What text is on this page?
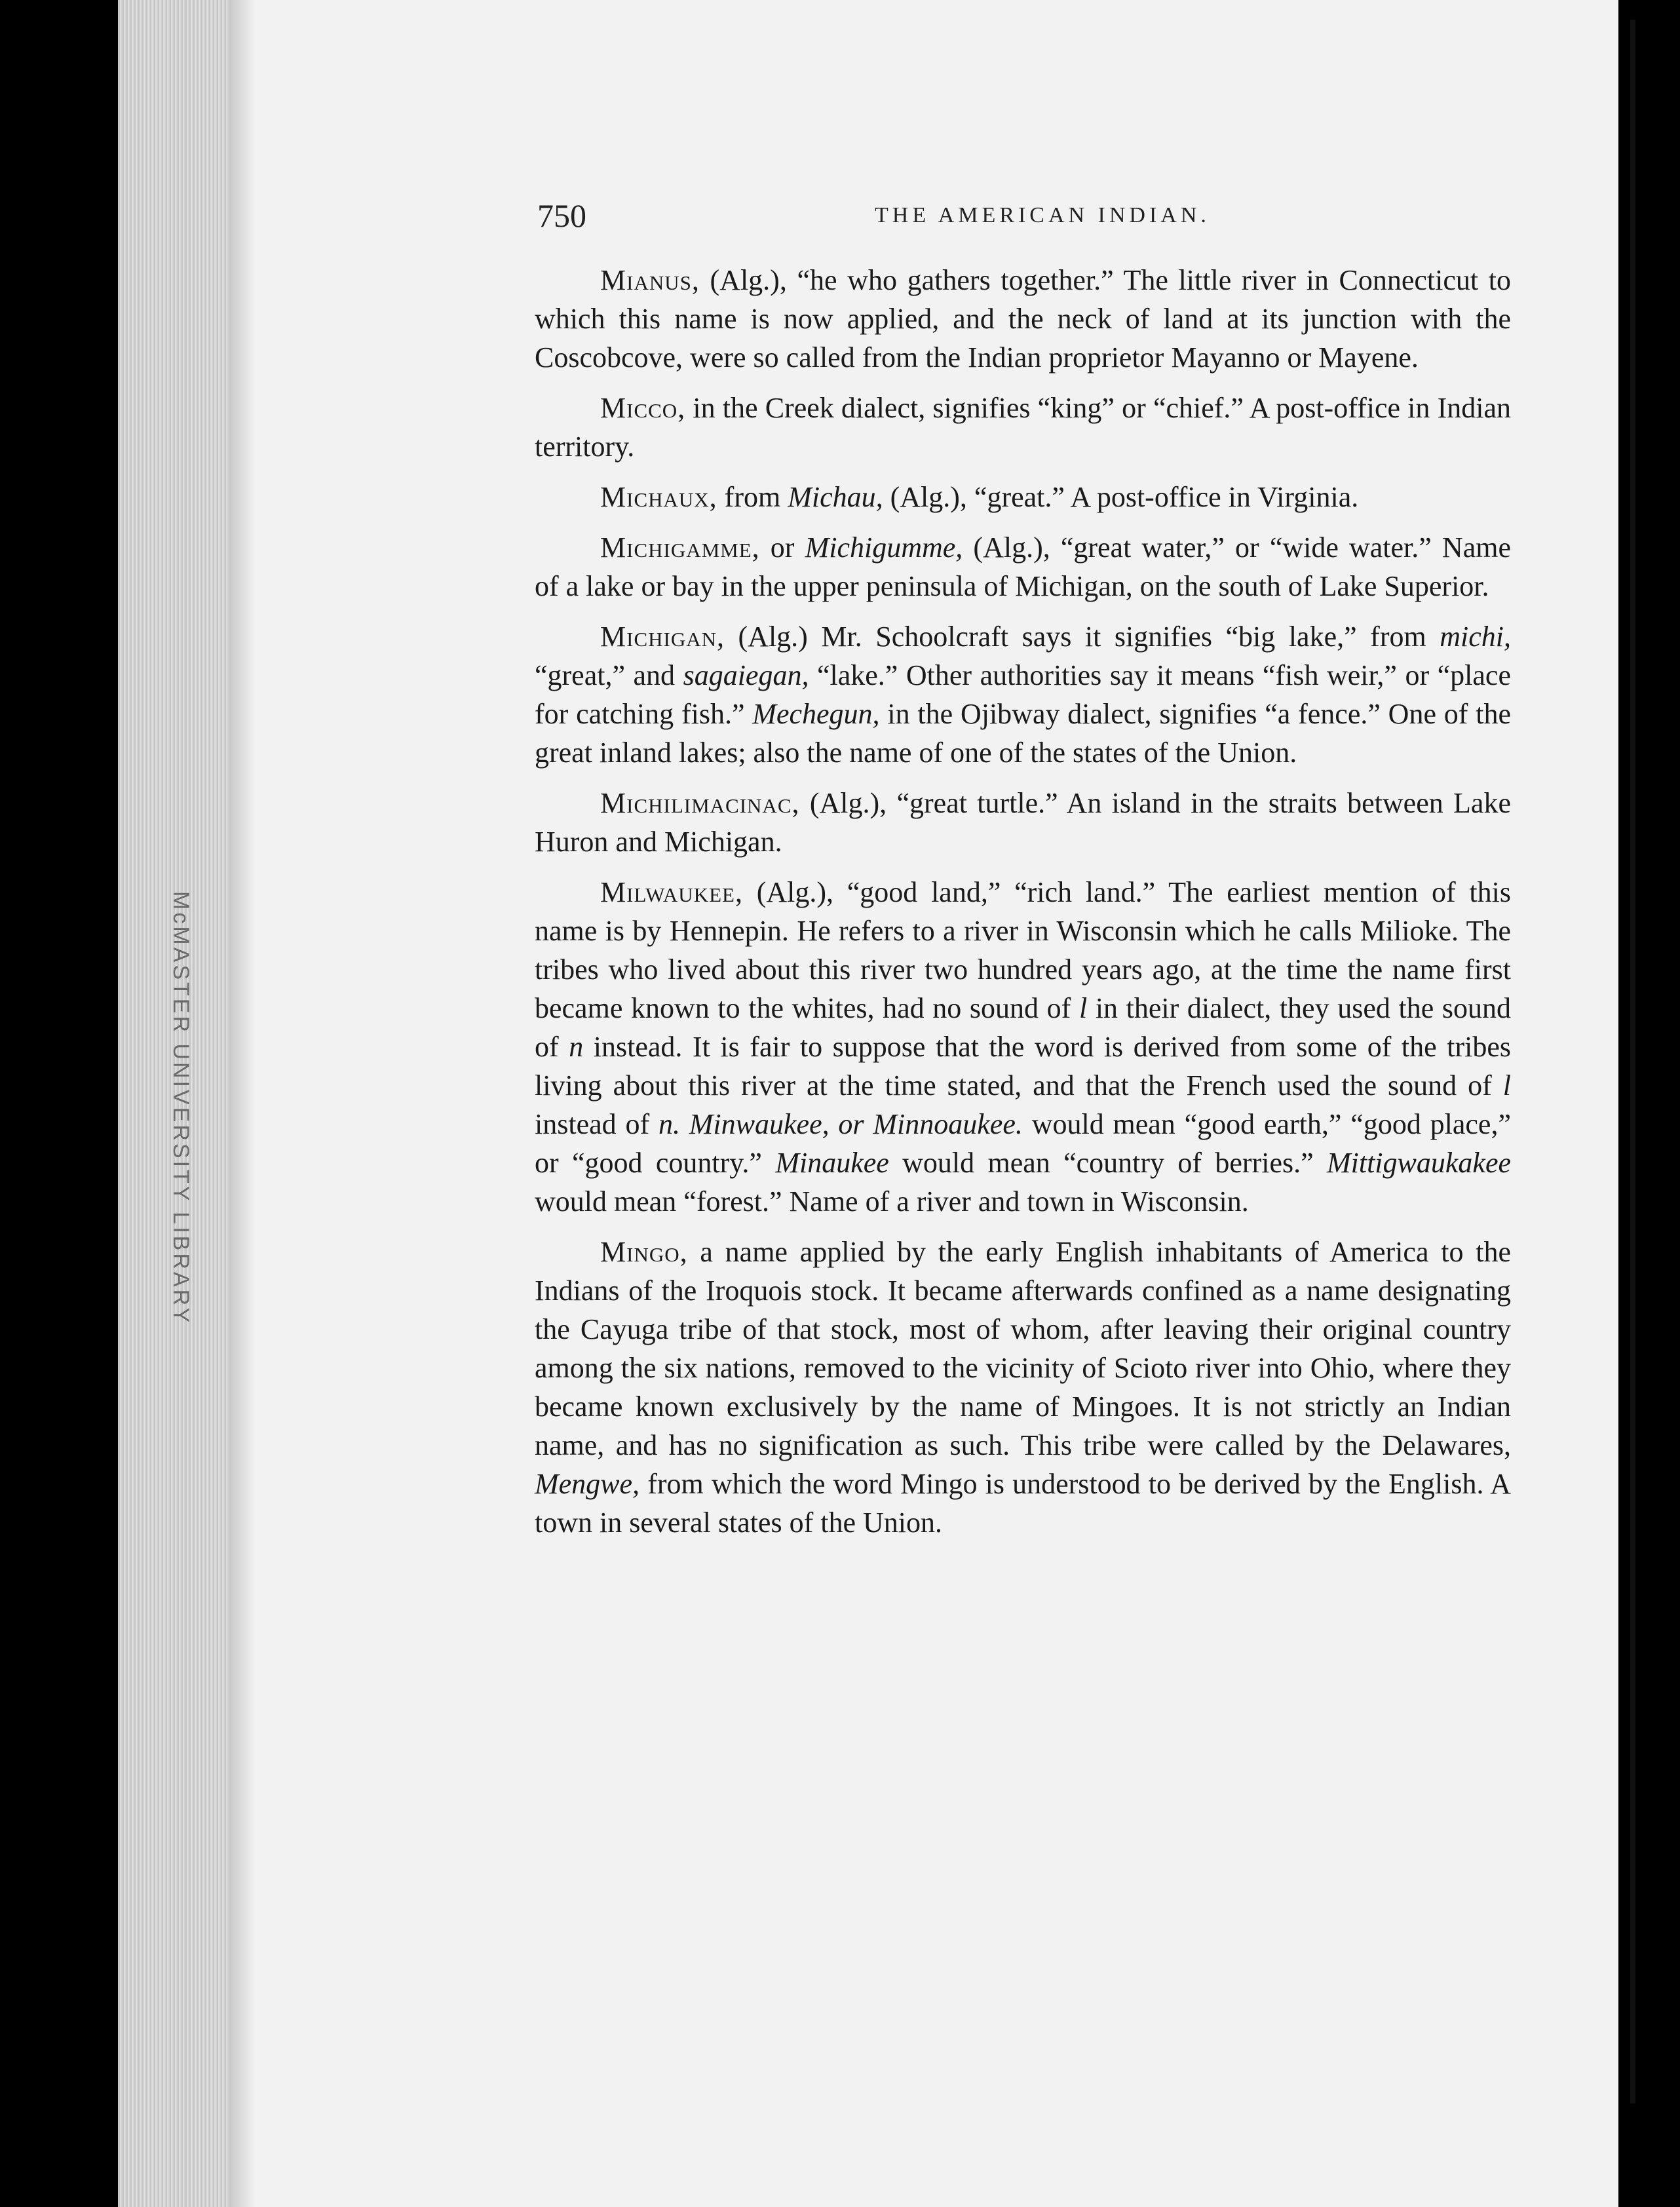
McMASTER UNIVERSITY LIBRARY
750	THE AMERICAN INDIAN.

Mianus, (Alg.), “he who gathers together.” The little river in Connecticut to which this name is now applied, and the neck of land at its junction with the Coscobcove, were so called from the Indian proprietor Mayanno or Mayene.

Micco, in the Creek dialect, signifies “king” or “chief.” A post-office in Indian territory.

Michaux, from Michau, (Alg.), “great.” A post-office in Virginia.

Michigamme, or Michigumme, (Alg.), “great water,” or “wide water.” Name of a lake or bay in the upper peninsula of Michigan, on the south of Lake Superior.

Michigan, (Alg.) Mr. Schoolcraft says it signifies “big lake,” from michi, “great,” and sagaiegan, “lake.” Other authorities say it means “fish weir,” or “place for catching fish.” Mechegun, in the Ojibway dialect, signifies “a fence.” One of the great inland lakes; also the name of one of the states of the Union.

Michilimacinac, (Alg.), “great turtle.” An island in the straits between Lake Huron and Michigan.

Milwaukee, (Alg.), “good land,” “rich land.” The earliest mention of this name is by Hennepin. He refers to a river in Wisconsin which he calls Milioke. The tribes who lived about this river two hundred years ago, at the time the name first became known to the whites, had no sound of l in their dialect, they used the sound of n instead. It is fair to suppose that the word is derived from some of the tribes living about this river at the time stated, and that the French used the sound of l instead of n. Minwaukee, or Minnoaukee. would mean “good earth,” “good place,” or “good country.” Minaukee would mean “country of berries.” Mittigwaukakee would mean “forest.” Name of a river and town in Wisconsin.

Mingo, a name applied by the early English inhabitants of America to the Indians of the Iroquois stock. It became afterwards confined as a name designating the Cayuga tribe of that stock, most of whom, after leaving their original country among the six nations, removed to the vicinity of Scioto river into Ohio, where they became known exclusively by the name of Mingoes. It is not strictly an Indian name, and has no signification as such. This tribe were called by the Delawares, Mengwe, from which the word Mingo is understood to be derived by the English. A town in several states of the Union.
